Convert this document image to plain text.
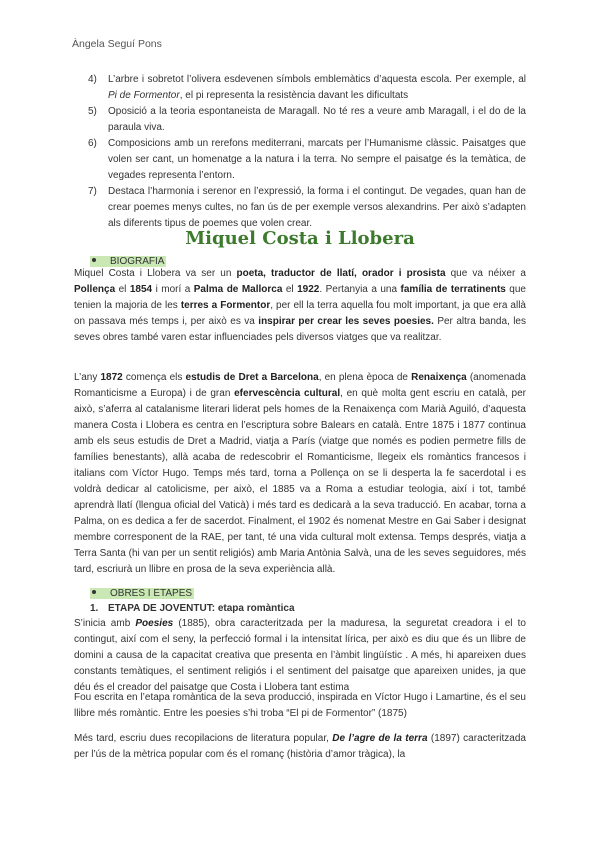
Àngela Seguí Pons
4) L’arbre i sobretot l’olivera esdevenen símbols emblemàtics d’aquesta escola. Per exemple, al Pi de Formentor, el pi representa la resistència davant les dificultats
5) Oposició a la teoria espontaneista de Maragall. No té res a veure amb Maragall, i el do de la paraula viva.
6) Composicions amb un rerefons mediterrani, marcats per l’Humanisme clàssic. Paisatges que volen ser cant, un homenatge a la natura i la terra. No sempre el paisatge és la temàtica, de vegades representa l’entorn.
7) Destaca l’harmonia i serenor en l’expressió, la forma i el contingut. De vegades, quan han de crear poemes menys cultes, no fan ús de per exemple versos alexandrins. Per això s’adapten als diferents tipus de poemes que volen crear.
Miquel Costa i Llobera
BIOGRAFIA
Miquel Costa i Llobera va ser un poeta, traductor de llatí, orador i prosista que va néixer a Pollença el 1854 i morí a Palma de Mallorca el 1922. Pertanyia a una família de terratinents que tenien la majoria de les terres a Formentor, per ell la terra aquella fou molt important, ja que era allà on passava més temps i, per això es va inspirar per crear les seves poesies. Per altra banda, les seves obres també varen estar influenciades pels diversos viatges que va realitzar.
L’any 1872 comença els estudis de Dret a Barcelona, en plena època de Renaixença (anomenada Romanticisme a Europa) i de gran efervescència cultural, en què molta gent escriu en català, per això, s’aferra al catalanisme literari liderat pels homes de la Renaixença com Marià Aguiló, d’aquesta manera Costa i Llobera es centra en l’escriptura sobre Balears en català. Entre 1875 i 1877 continua amb els seus estudis de Dret a Madrid, viatja a París (viatge que només es podien permetre fills de famílies benestants), allà acaba de redescobrir el Romanticisme, llegeix els romàntics francesos i italians com Víctor Hugo. Temps més tard, torna a Pollença on se li desperta la fe sacerdotal i es voldrà dedicar al catolicisme, per això, el 1885 va a Roma a estudiar teologia, així i tot, també aprendrà llatí (llengua oficial del Vaticà) i més tard es dedicarà a la seva traducció. En acabar, torna a Palma, on es dedica a fer de sacerdot. Finalment, el 1902 és nomenat Mestre en Gai Saber i designat membre corresponent de la RAE, per tant, té una vida cultural molt extensa. Temps després, viatja a Terra Santa (hi van per un sentit religiós) amb Maria Antònia Salvà, una de les seves seguidores, més tard, escriurà un llibre en prosa de la seva experiència allà.
OBRES I ETAPES
1. ETAPA DE JOVENTUT: etapa romàntica
S’inicia amb Poesies (1885), obra caracteritzada per la maduresa, la seguretat creadora i el to contingut, així com el seny, la perfecció formal i la intensitat lírica, per això es diu que és un llibre de domini a causa de la capacitat creativa que presenta en l’àmbit lingüístic . A més, hi apareixen dues constants temàtiques, el sentiment religiós i el sentiment del paisatge que apareixen unides, ja que déu és el creador del paisatge que Costa i Llobera tant estima
Fou escrita en l’etapa romàntica de la seva producció, inspirada en Víctor Hugo i Lamartine, és el seu llibre més romàntic. Entre les poesies s’hi troba “El pi de Formentor” (1875)
Més tard, escriu dues recopilacions de literatura popular, De l’agre de la terra (1897) caracteritzada per l’ús de la mètrica popular com és el romanç (història d’amor tràgica), la
